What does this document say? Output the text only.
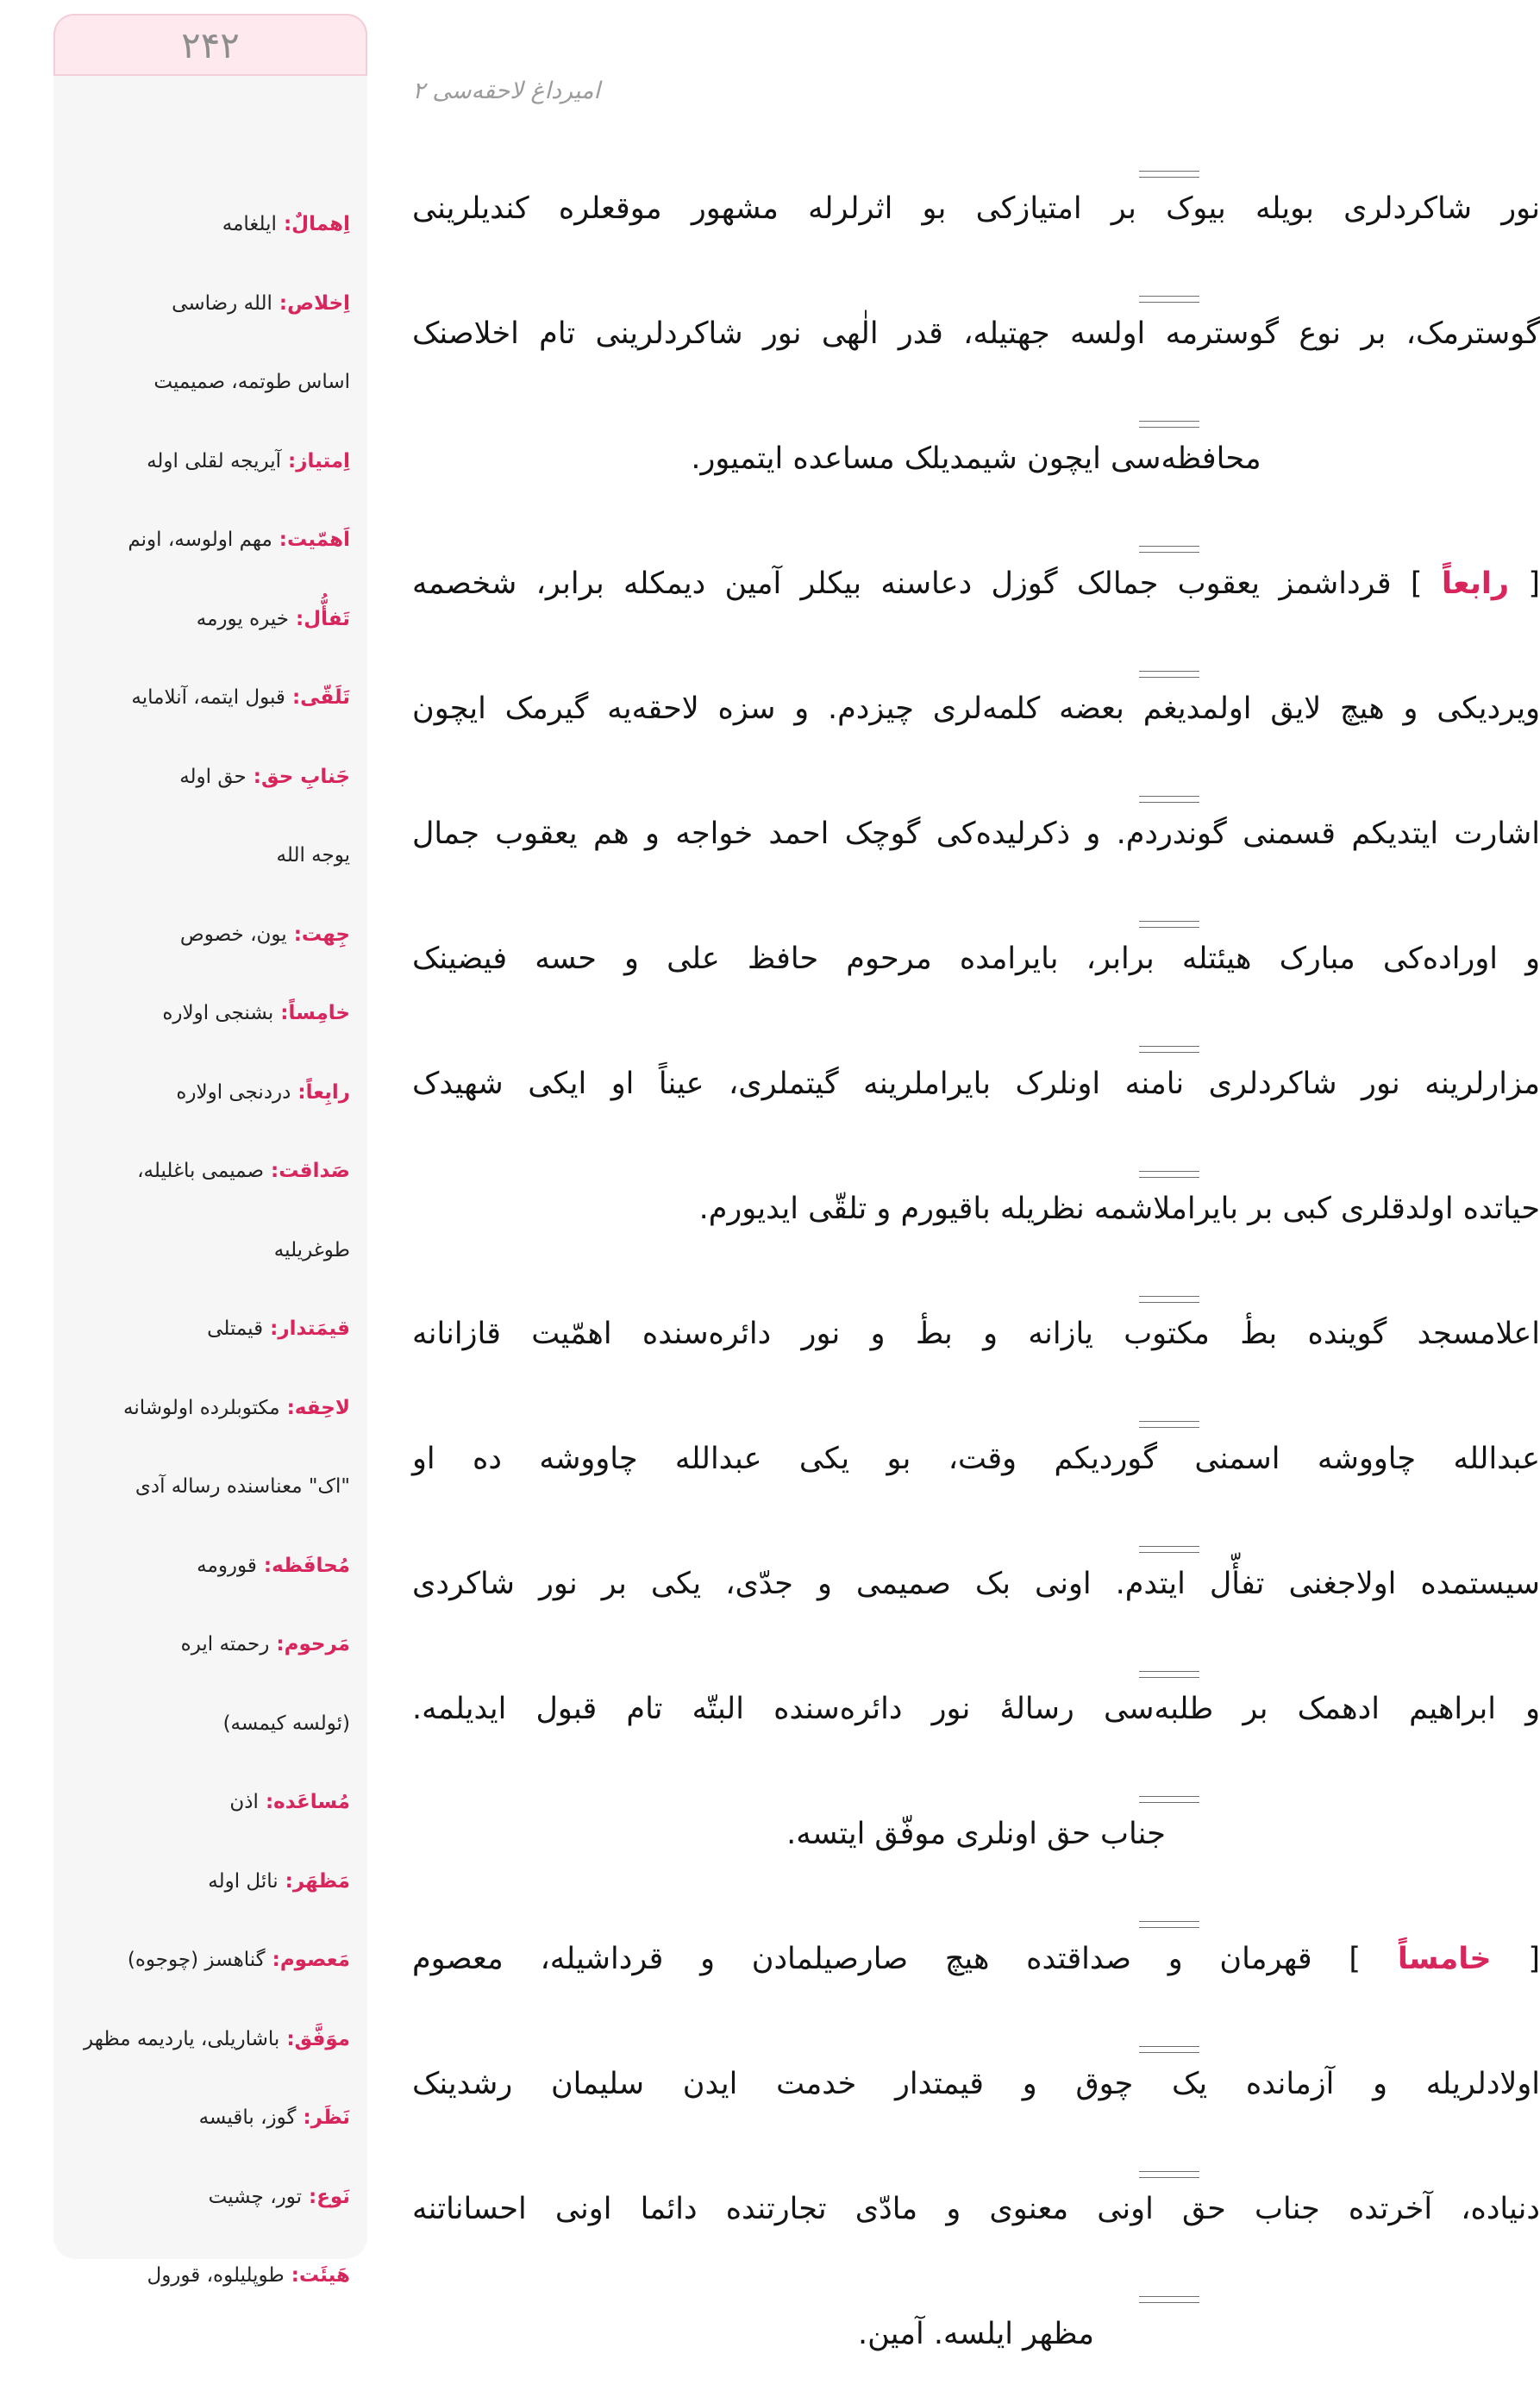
۲۴۲
اِهمالٌ: ایلغامه
اِخلاص: الله رضاسی
اساس طوتمه، صمیمیت
اِمتیاز: آیریجه لقلی اوله
اَهمّیت: مهم اولوسه، اونم
تَفأُّل: خیره یورمه
تَلَقّی: قبول ایتمه، آنلامایه
جَنابِ حق: حق اوله
یوجه الله
جِهت: یون، خصوص
خامِساً: بشنجی اولاره
رابِعاً: دردنجی اولاره
صَداقت: صمیمی باغلیله،
طوغریلیه
قیمَتدار: قیمتلی
لاحِقه: مکتوبلرده اولوشانه
"اک" معناسنده رساله آدی
مُحافَظه: قورومه
مَرحوم: رحمته ایره
(ئولسه کیمسه)
مُساعَده: اذن
مَظهَر: نائل اوله
مَعصوم: گناهسز (چوجوه)
موَفَّق: باشاریلی، یاردیمه مظهر
نَظَر: گوز، باقیسه
نَوع: تور، چشیت
هَیئَت: طوپلیلوه، قورول
امیرداغ لاحقه‌سی ۲
نور شاکردلری بویله بیوک بر امتیازکی بو اثرلرله مشهور موقعلره کندیلرینی
گوسترمک، بر نوع گوسترمه اولسه جهتیله، قدر الٰهی نور شاکردلرینی تام اخلاصنک
محافظه‌سی ایچون شیمدیلک مساعده ایتمیور.
[ رابعاً ] قرداشمز یعقوب جمالک گوزل دعاسنه بیکلر آمین دیمکله برابر، شخصمه
ویردیکی و هیچ لایق اولمدیغم بعضه کلمه‌لری چیزدم. و سزه لاحقه‌یه گیرمک ایچون
اشارت ایتدیکم قسمنی گوندردم. و ذکرلیده‌کی گوچک احمد خواجه و هم یعقوب جمال
و اوراده‌کی مبارک هیئتله برابر، بایرامده مرحوم حافظ علی و حسه فیضینک
مزارلرینه نور شاکردلری نامنه اونلرک بایراملرینه گیتملری، عیناً او ایکی شهیدک
حیاتده اولدقلری کبی بر بایراملاشمه نظریله باقیورم و تلقّی ایدیورم.
اعلامسجد گوینده بطٔ مکتوب یازانه و بطٔ و نور دائره‌سنده اهمّیت قازانانه
عبدالله چاووشه اسمنی گوردیکم وقت، بو یکی عبدالله چاووشه ده او
سیستمده اولاجغنی تفأّل ایتدم. اونی بک صمیمی و جدّی، یکی بر نور شاکردی
و ابراهیم ادهمک بر طلبه‌سی رساله‌ٔ نور دائره‌سنده البتّه تام قبول ایدیلمه.
جناب حق اونلری موفّق ایتسه.
[ خامساً ] قهرمان و صداقتده هیچ صارصیلمادن و قرداشیله، معصوم
اولادلریله و آزمانده یک چوق و قیمتدار خدمت ایدن سلیمان رشدینک
دنیاده، آخرتده جناب حق اونی معنوی و مادّی تجارتنده دائما اونی احساناتنه
مظهر ایلسه. آمین.
